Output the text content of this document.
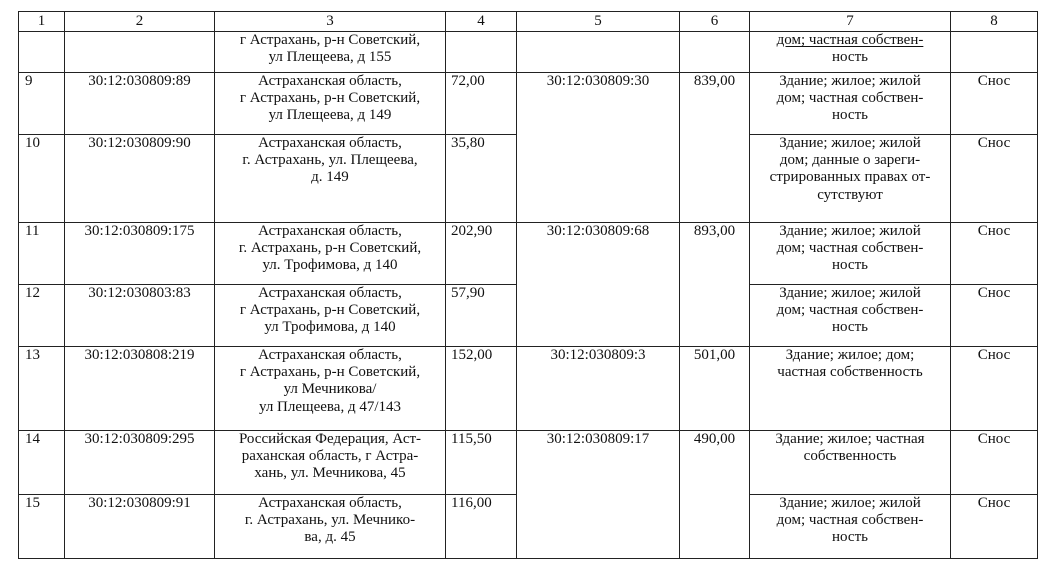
1	2	3	4	5	6	7	8

		г Астрахань, р-н Советский,
ул Плещеева, д 155				дом; частная собствен-
ность	

9	30:12:030809:89	Астраханская область,
г Астрахань, р-н Советский,
ул Плещеева, д 149	72,00	30:12:030809:30	839,00	Здание; жилое; жилой
дом; частная собствен-
ность	Снос
10	30:12:030809:90	Астраханская область,
г. Астрахань, ул. Плещеева,
д. 149	35,80			Здание; жилое; жилой
дом; данные о зареги-
стрированных правах от-
сутствуют	Снос
11	30:12:030809:175	Астраханская область,
г. Астрахань, р-н Советский,
ул. Трофимова, д 140	202,90	30:12:030809:68	893,00	Здание; жилое; жилой
дом; частная собствен-
ность	Снос
12	30:12:030803:83	Астраханская область,
г Астрахань, р-н Советский,
ул Трофимова, д 140	57,90			Здание; жилое; жилой
дом; частная собствен-
ность	Снос
13	30:12:030808:219	Астраханская область,
г Астрахань, р-н Советский,
ул Мечникова/
ул Плещеева, д 47/143	152,00	30:12:030809:3	501,00	Здание; жилое; дом;
частная собственность	Снос
14	30:12:030809:295	Российская Федерация, Аст-
раханская область, г Астра-
хань, ул. Мечникова, 45	115,50	30:12:030809:17	490,00	Здание; жилое; частная
собственность	Снос
15	30:12:030809:91	Астраханская область,
г. Астрахань, ул. Мечнико-
ва, д. 45	116,00			Здание; жилое; жилой
дом; частная собствен-
ность	Снос
